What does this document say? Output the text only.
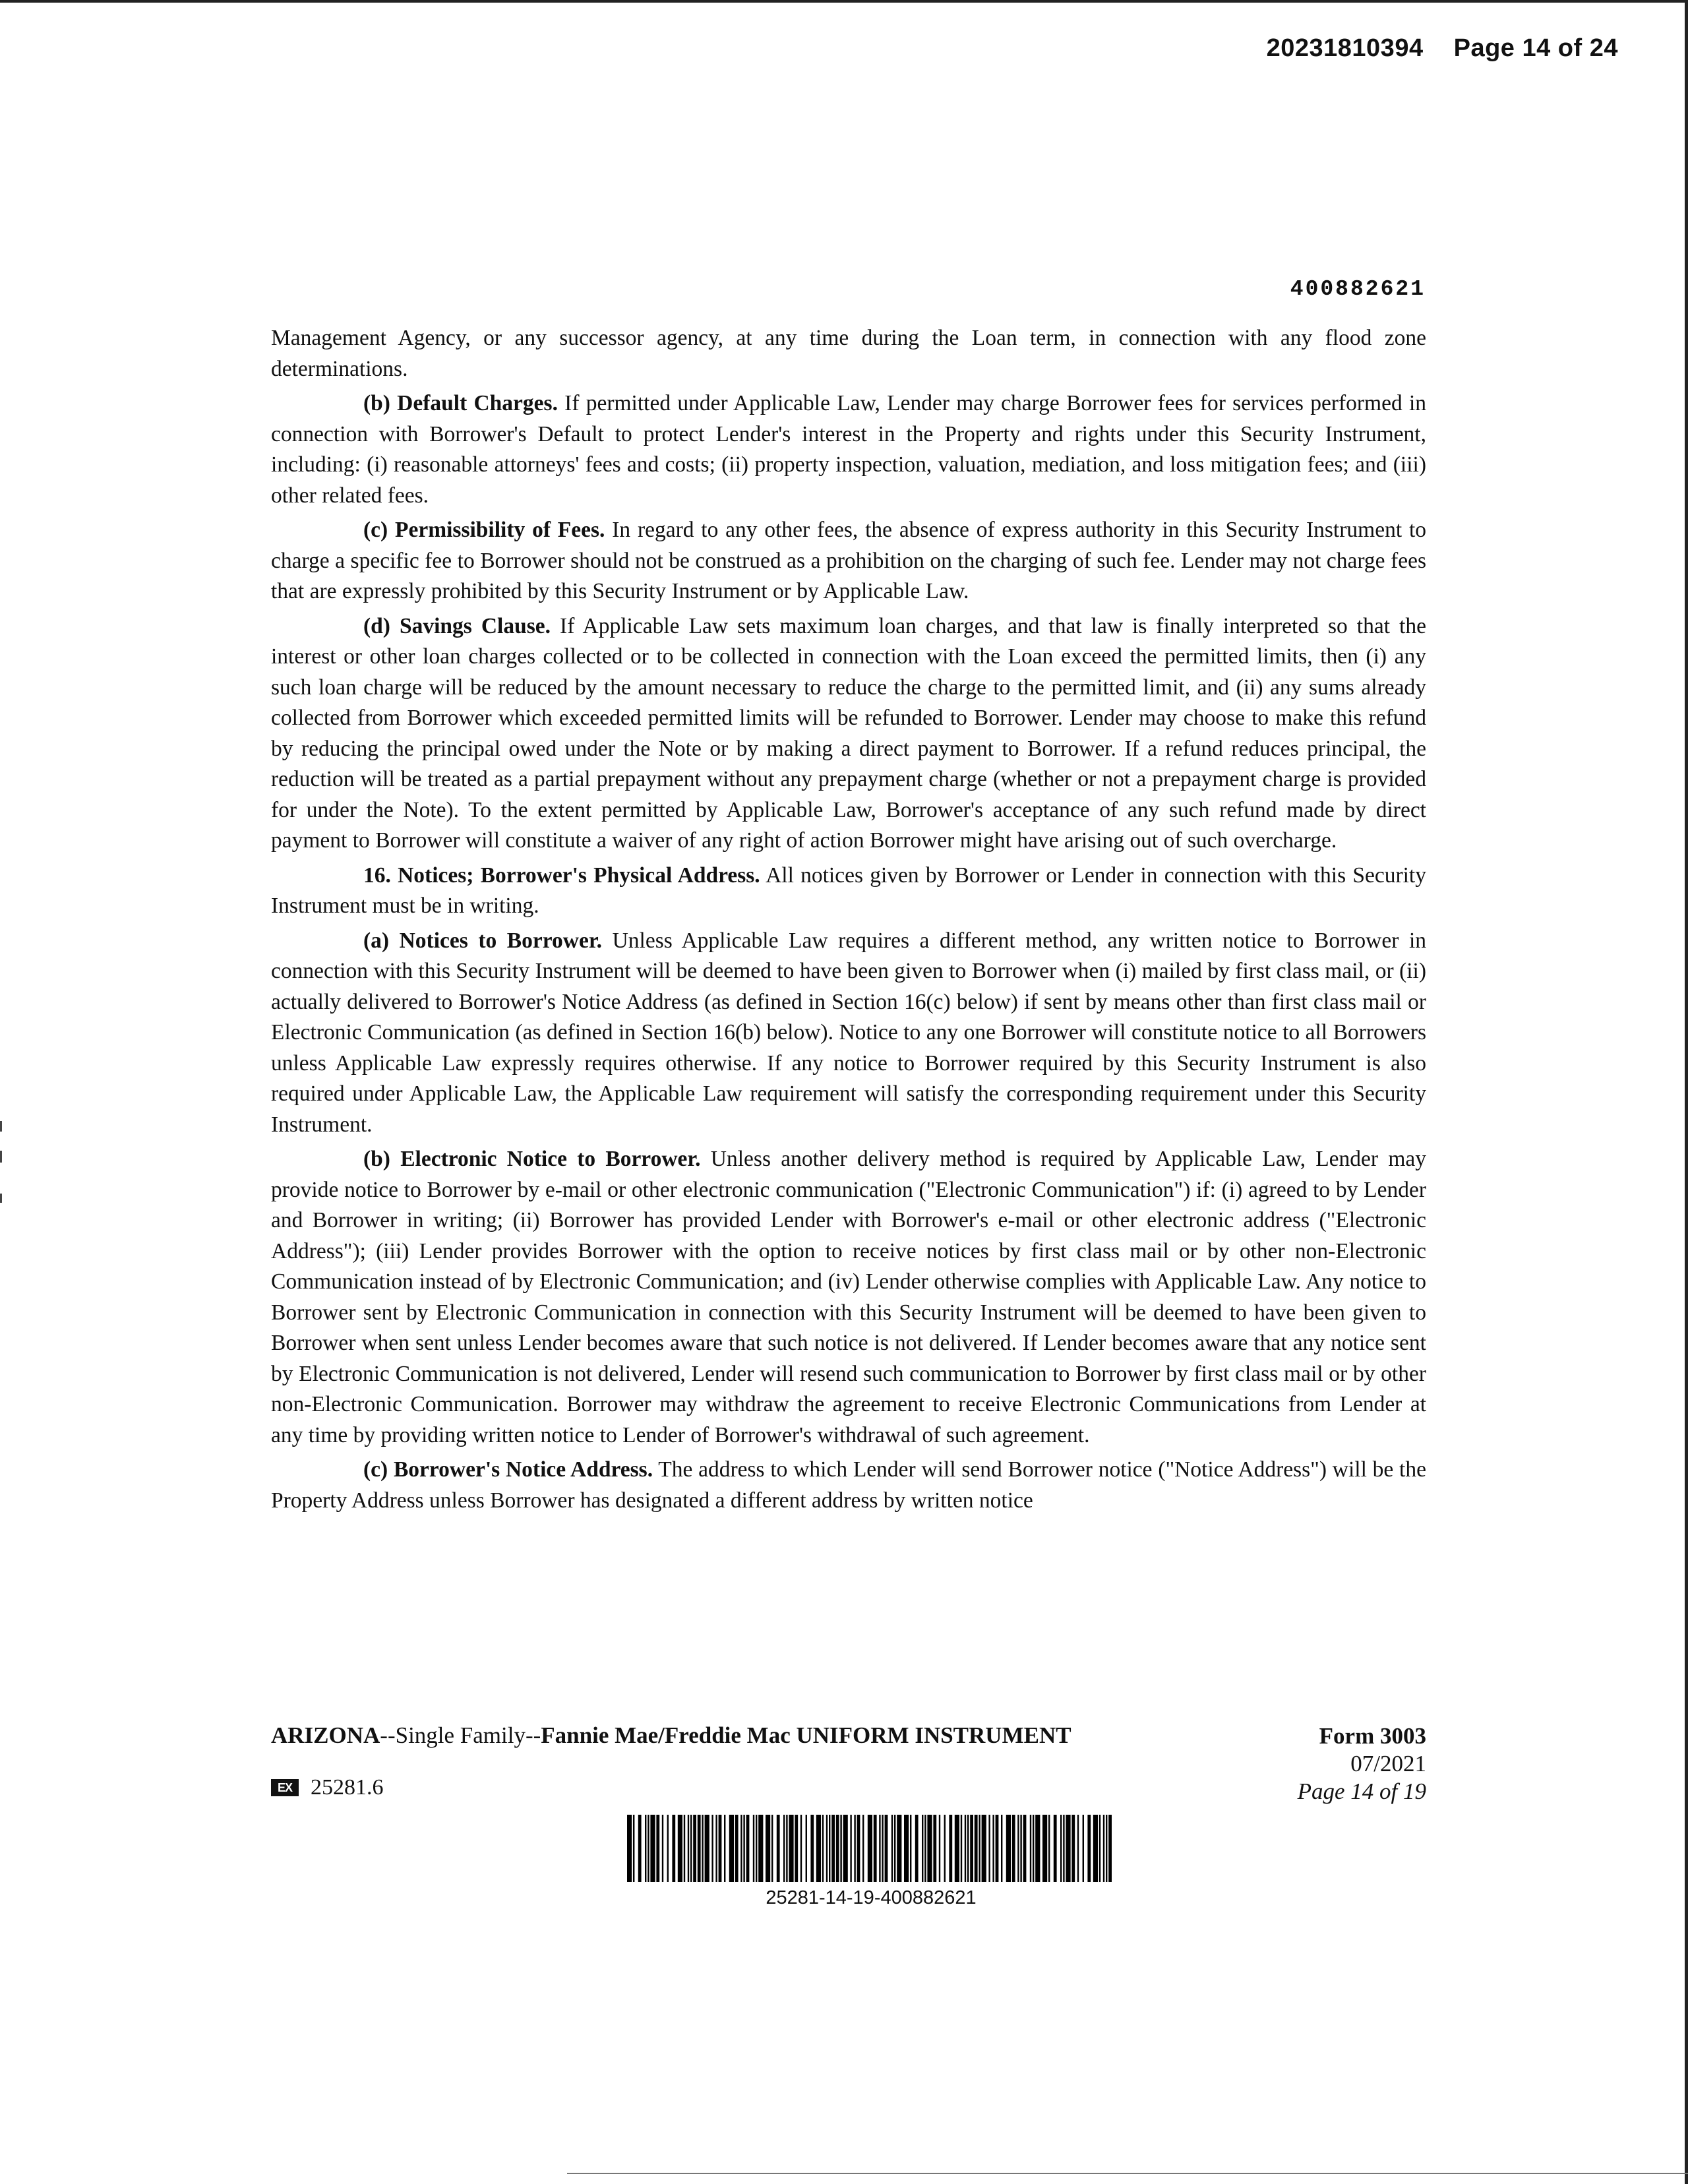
20231810394 Page 14 of 24
400882621

Management Agency, or any successor agency, at any time during the Loan term, in connection with any flood zone determinations.

(b) Default Charges. If permitted under Applicable Law, Lender may charge Borrower fees for services performed in connection with Borrower's Default to protect Lender's interest in the Property and rights under this Security Instrument, including: (i) reasonable attorneys' fees and costs; (ii) property inspection, valuation, mediation, and loss mitigation fees; and (iii) other related fees.

(c) Permissibility of Fees. In regard to any other fees, the absence of express authority in this Security Instrument to charge a specific fee to Borrower should not be construed as a prohibition on the charging of such fee. Lender may not charge fees that are expressly prohibited by this Security Instrument or by Applicable Law.

(d) Savings Clause. If Applicable Law sets maximum loan charges, and that law is finally interpreted so that the interest or other loan charges collected or to be collected in connection with the Loan exceed the permitted limits, then (i) any such loan charge will be reduced by the amount necessary to reduce the charge to the permitted limit, and (ii) any sums already collected from Borrower which exceeded permitted limits will be refunded to Borrower. Lender may choose to make this refund by reducing the principal owed under the Note or by making a direct payment to Borrower. If a refund reduces principal, the reduction will be treated as a partial prepayment without any prepayment charge (whether or not a prepayment charge is provided for under the Note). To the extent permitted by Applicable Law, Borrower's acceptance of any such refund made by direct payment to Borrower will constitute a waiver of any right of action Borrower might have arising out of such overcharge.

16. Notices; Borrower's Physical Address. All notices given by Borrower or Lender in connection with this Security Instrument must be in writing.

(a) Notices to Borrower. Unless Applicable Law requires a different method, any written notice to Borrower in connection with this Security Instrument will be deemed to have been given to Borrower when (i) mailed by first class mail, or (ii) actually delivered to Borrower's Notice Address (as defined in Section 16(c) below) if sent by means other than first class mail or Electronic Communication (as defined in Section 16(b) below). Notice to any one Borrower will constitute notice to all Borrowers unless Applicable Law expressly requires otherwise. If any notice to Borrower required by this Security Instrument is also required under Applicable Law, the Applicable Law requirement will satisfy the corresponding requirement under this Security Instrument.

(b) Electronic Notice to Borrower. Unless another delivery method is required by Applicable Law, Lender may provide notice to Borrower by e-mail or other electronic communication ("Electronic Communication") if: (i) agreed to by Lender and Borrower in writing; (ii) Borrower has provided Lender with Borrower's e-mail or other electronic address ("Electronic Address"); (iii) Lender provides Borrower with the option to receive notices by first class mail or by other non-Electronic Communication instead of by Electronic Communication; and (iv) Lender otherwise complies with Applicable Law. Any notice to Borrower sent by Electronic Communication in connection with this Security Instrument will be deemed to have been given to Borrower when sent unless Lender becomes aware that such notice is not delivered. If Lender becomes aware that any notice sent by Electronic Communication is not delivered, Lender will resend such communication to Borrower by first class mail or by other non-Electronic Communication. Borrower may withdraw the agreement to receive Electronic Communications from Lender at any time by providing written notice to Lender of Borrower's withdrawal of such agreement.

(c) Borrower's Notice Address. The address to which Lender will send Borrower notice ("Notice Address") will be the Property Address unless Borrower has designated a different address by written notice

ARIZONA--Single Family--Fannie Mae/Freddie Mac UNIFORM INSTRUMENT	Form 3003
07/2021
Page 14 of 19
EX 25281.6
25281-14-19-400882621
